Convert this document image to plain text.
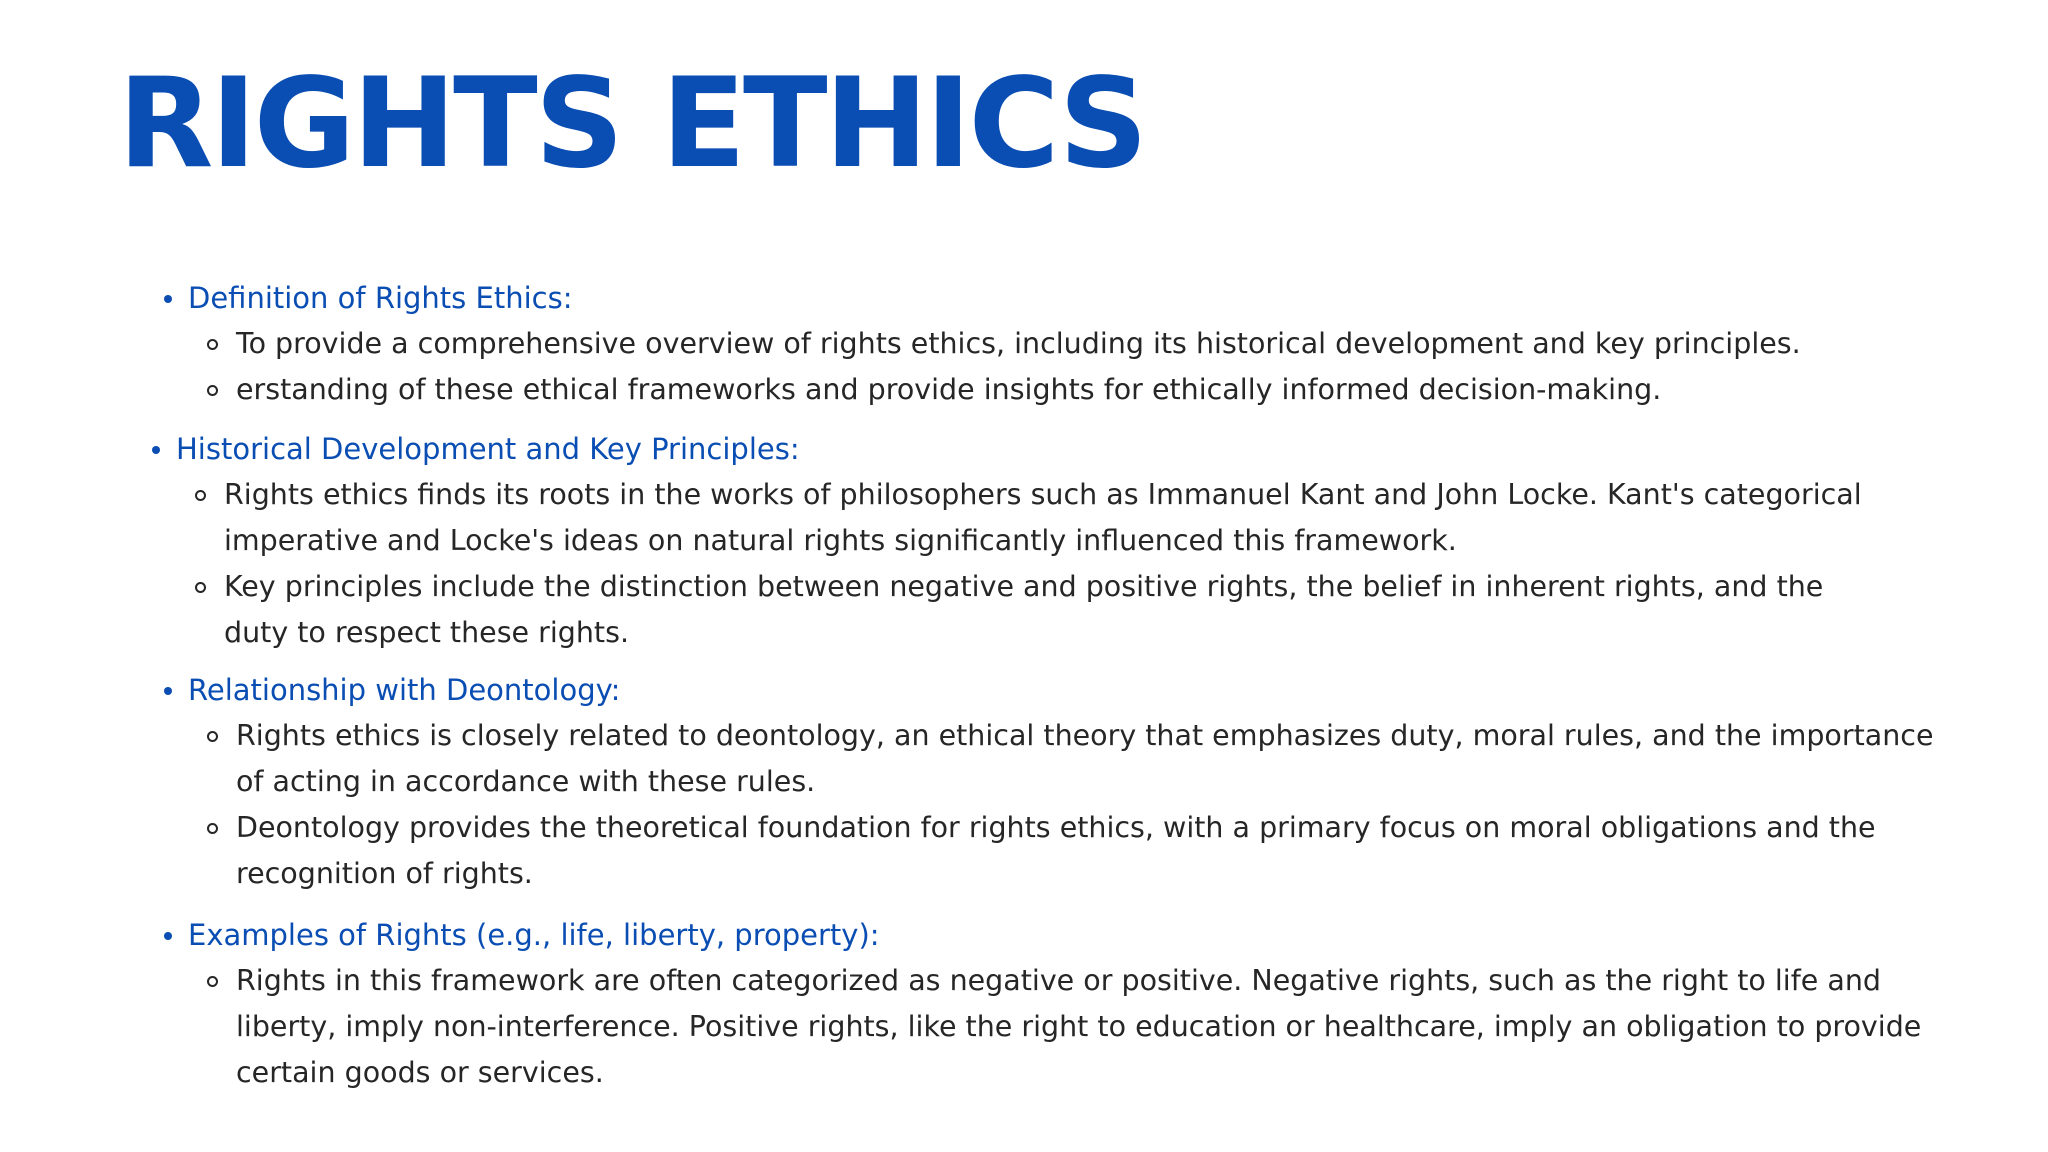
RIGHTS ETHICS
Definition of Rights Ethics:
To provide a comprehensive overview of rights ethics, including its historical development and key principles.
erstanding of these ethical frameworks and provide insights for ethically informed decision-making.
Historical Development and Key Principles:
Rights ethics finds its roots in the works of philosophers such as Immanuel Kant and John Locke. Kant's categorical imperative and Locke's ideas on natural rights significantly influenced this framework.
Key principles include the distinction between negative and positive rights, the belief in inherent rights, and the duty to respect these rights.
Relationship with Deontology:
Rights ethics is closely related to deontology, an ethical theory that emphasizes duty, moral rules, and the importance of acting in accordance with these rules.
Deontology provides the theoretical foundation for rights ethics, with a primary focus on moral obligations and the recognition of rights.
Examples of Rights (e.g., life, liberty, property):
Rights in this framework are often categorized as negative or positive. Negative rights, such as the right to life and liberty, imply non-interference. Positive rights, like the right to education or healthcare, imply an obligation to provide certain goods or services.
